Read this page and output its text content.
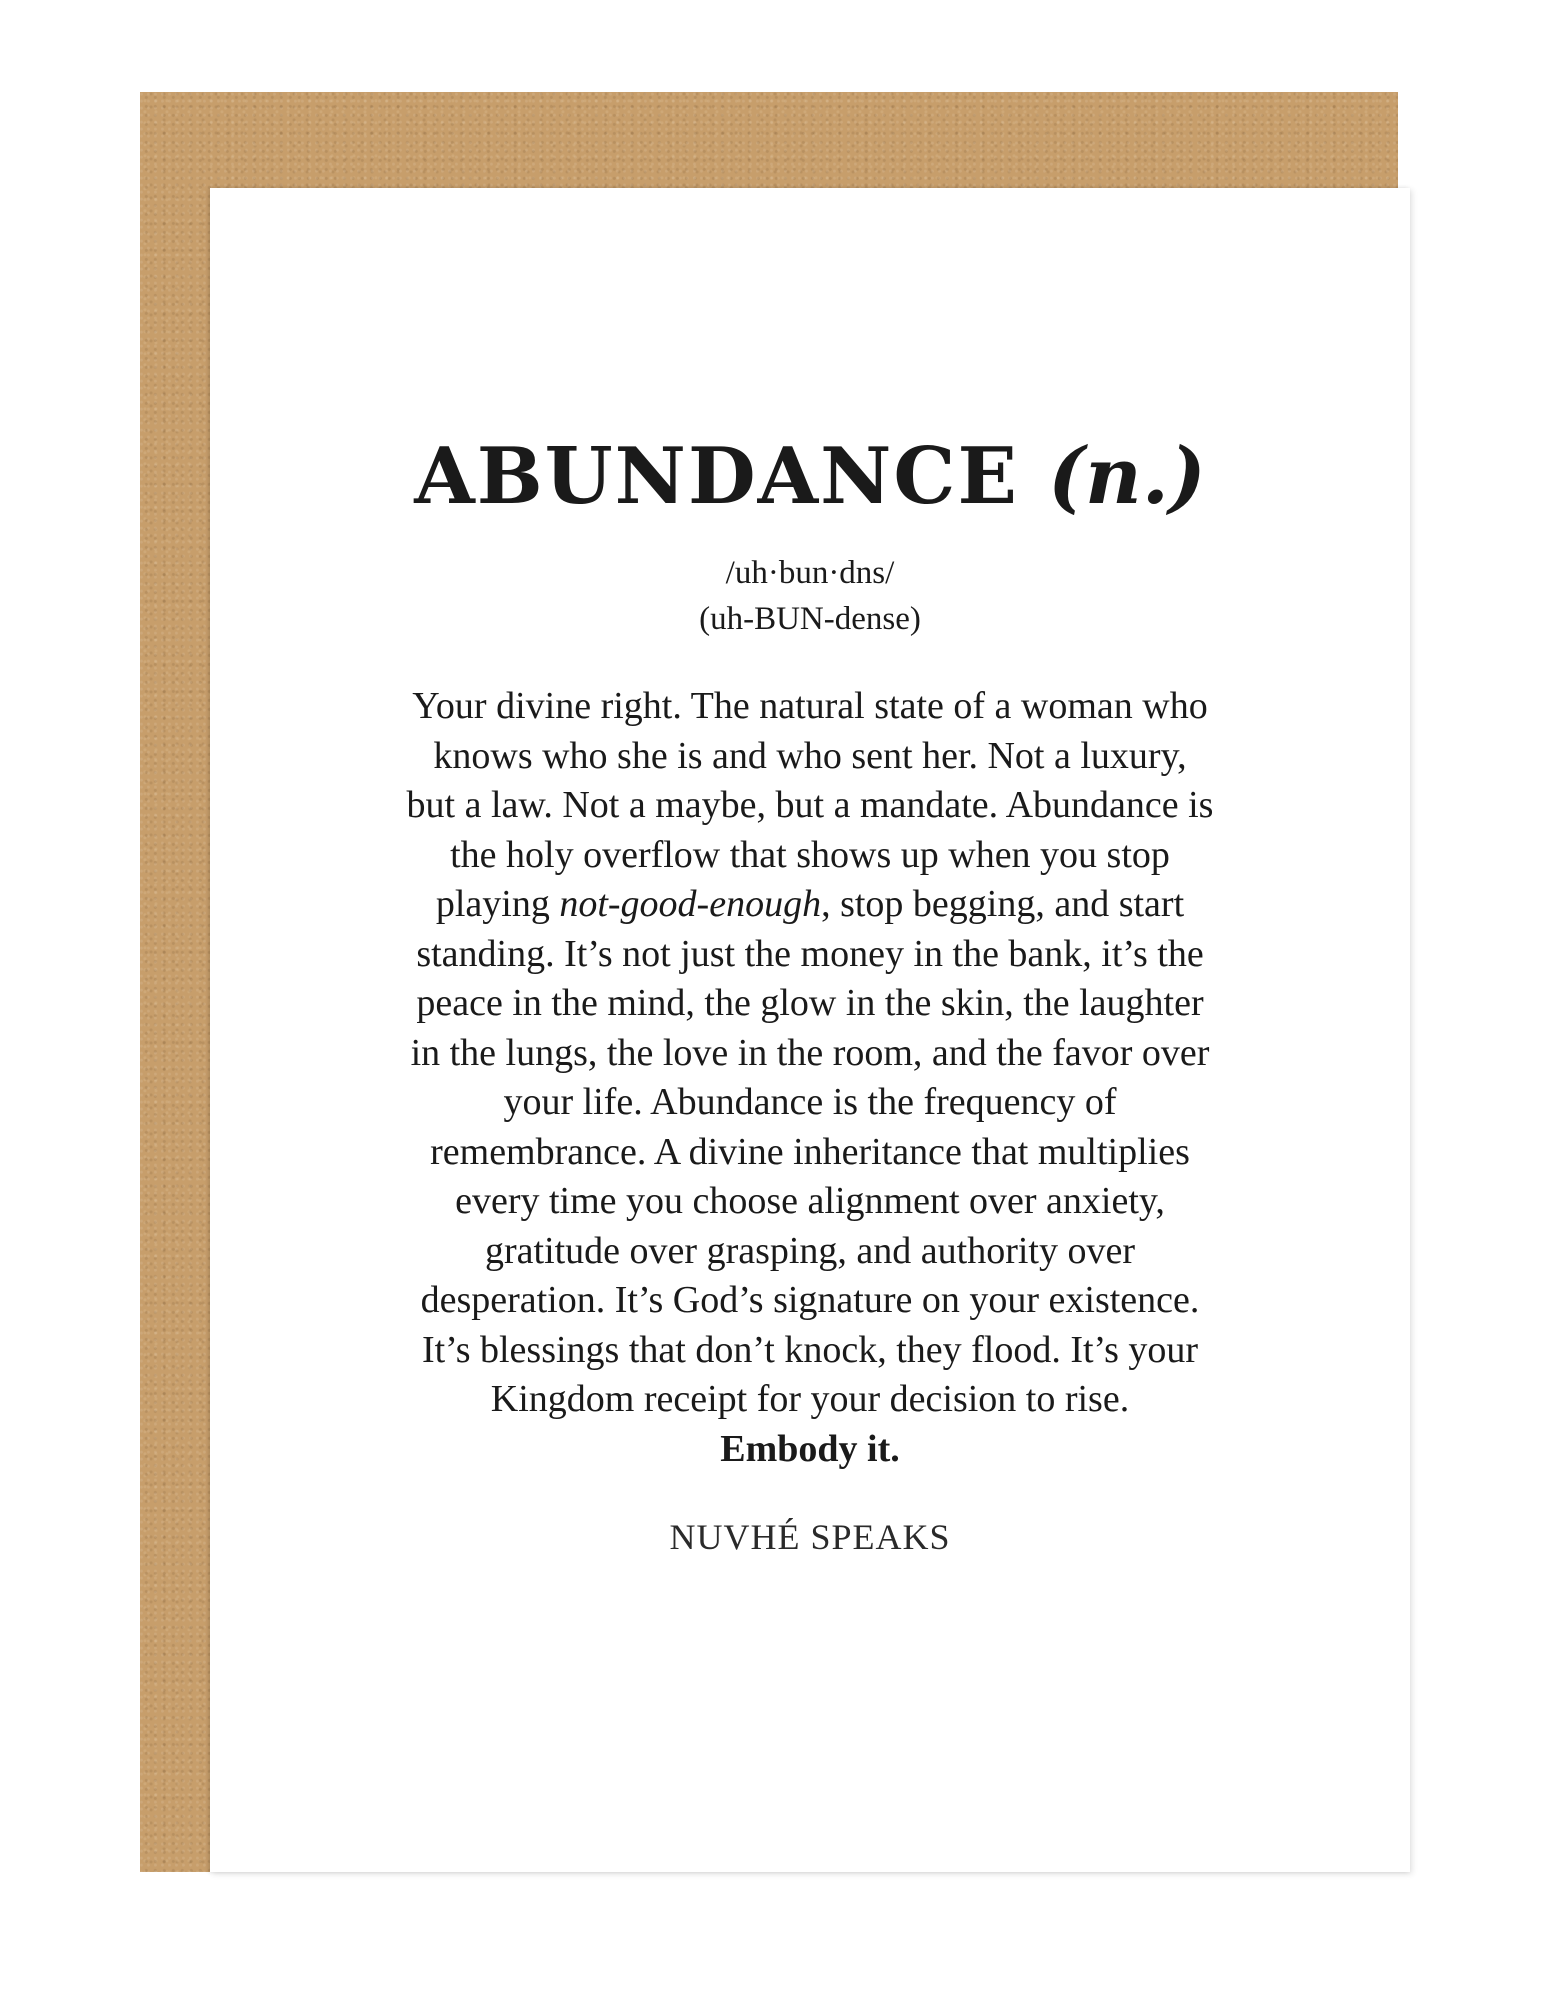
ABUNDANCE (n.)
/uh·bun·dns/
(uh-BUN-dense)
Your divine right. The natural state of a woman who knows who she is and who sent her. Not a luxury, but a law. Not a maybe, but a mandate. Abundance is the holy overflow that shows up when you stop playing not-good-enough, stop begging, and start standing. It’s not just the money in the bank, it’s the peace in the mind, the glow in the skin, the laughter in the lungs, the love in the room, and the favor over your life. Abundance is the frequency of remembrance. A divine inheritance that multiplies every time you choose alignment over anxiety, gratitude over grasping, and authority over desperation. It’s God’s signature on your existence. It’s blessings that don’t knock, they flood. It’s your Kingdom receipt for your decision to rise.
Embody it.
NUVHÉ SPEAKS
